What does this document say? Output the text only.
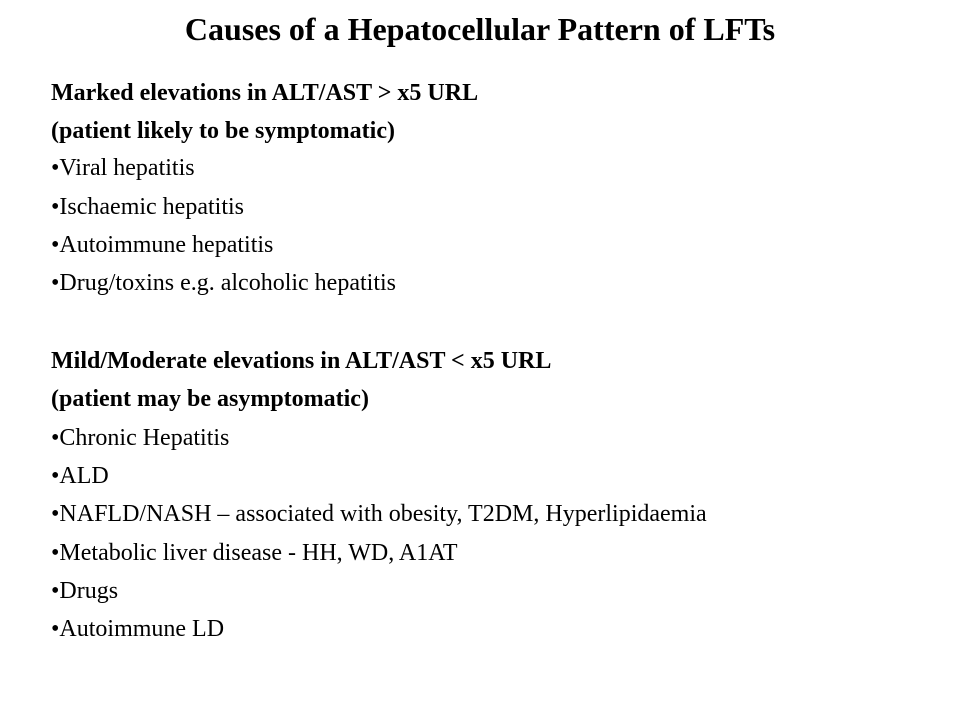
Causes of a Hepatocellular Pattern of LFTs
Marked elevations in ALT/AST > x5 URL
(patient likely to be symptomatic)
•Viral hepatitis
•Ischaemic hepatitis
•Autoimmune hepatitis
•Drug/toxins e.g. alcoholic hepatitis
Mild/Moderate elevations in ALT/AST < x5 URL
(patient may be asymptomatic)
•Chronic Hepatitis
•ALD
•NAFLD/NASH – associated with obesity, T2DM, Hyperlipidaemia
•Metabolic liver disease - HH, WD, A1AT
•Drugs
•Autoimmune LD
